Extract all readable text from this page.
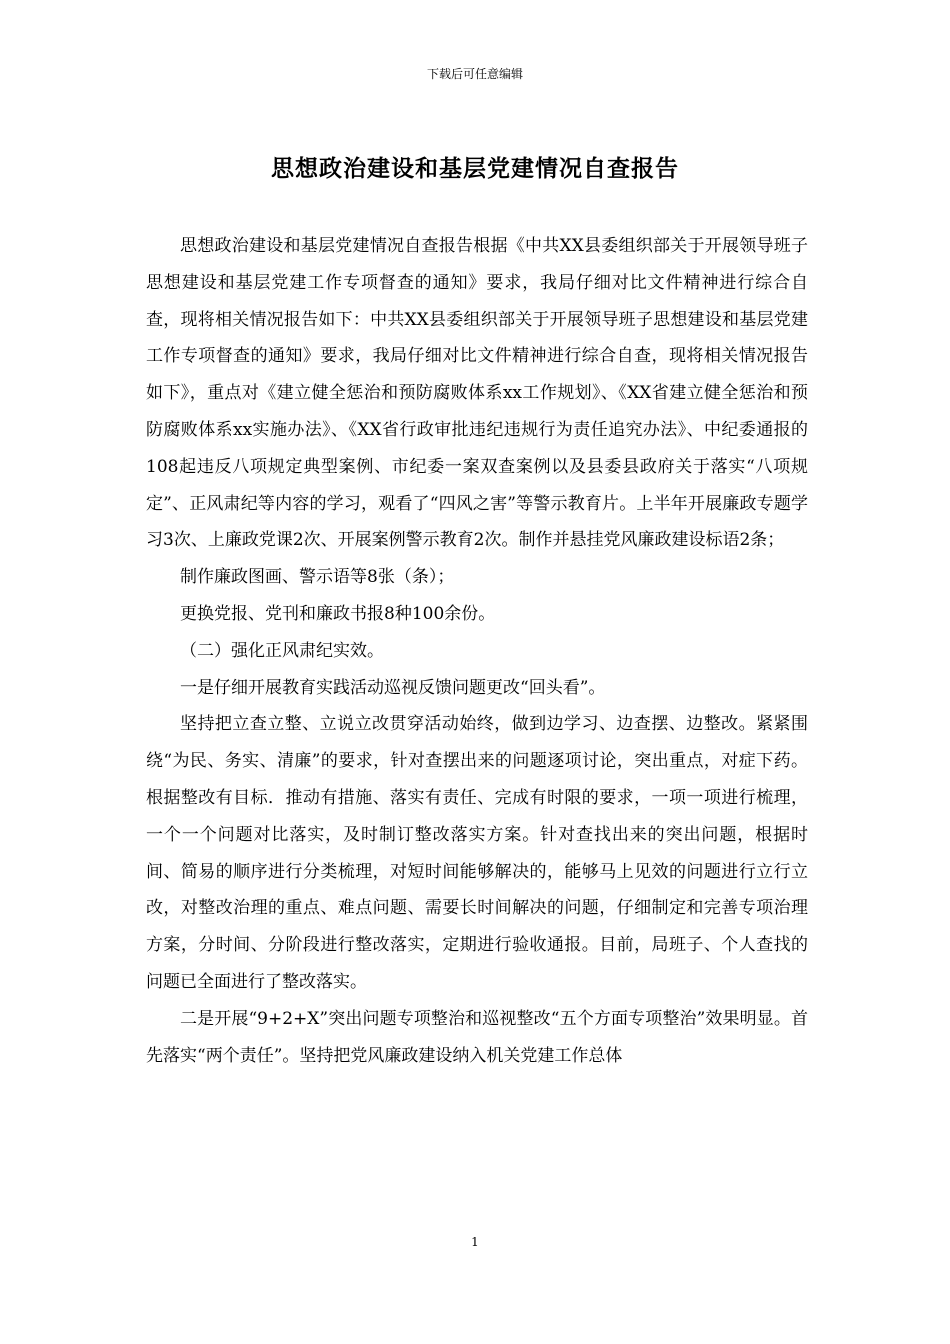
下载后可任意编辑
思想政治建设和基层党建情况自查报告

思想政治建设和基层党建情况自查报告根据《中共XX县委组织部关于开展领导班子思想建设和基层党建工作专项督查的通知》要求，我局仔细对比文件精神进行综合自查，现将相关情况报告如下：中共XX县委组织部关于开展领导班子思想建设和基层党建工作专项督查的通知》要求，我局仔细对比文件精神进行综合自查，现将相关情况报告如下》，重点对《建立健全惩治和预防腐败体系xx工作规划》、《XX省建立健全惩治和预防腐败体系xx实施办法》、《XX省行政审批违纪违规行为责任追究办法》、中纪委通报的108起违反八项规定典型案例、市纪委一案双查案例以及县委县政府关于落实“八项规定”、正风肃纪等内容的学习，观看了“四风之害”等警示教育片。上半年开展廉政专题学习3次、上廉政党课2次、开展案例警示教育2次。制作并悬挂党风廉政建设标语2条；

制作廉政图画、警示语等8张（条）；

更换党报、党刊和廉政书报8种100余份。

（二）强化正风肃纪实效。

一是仔细开展教育实践活动巡视反馈问题更改“回头看”。

坚持把立查立整、立说立改贯穿活动始终，做到边学习、边查摆、边整改。紧紧围绕“为民、务实、清廉”的要求，针对查摆出来的问题逐项讨论，突出重点，对症下药。根据整改有目标．推动有措施、落实有责任、完成有时限的要求，一项一项进行梳理，一个一个问题对比落实，及时制订整改落实方案。针对查找出来的突出问题，根据时间、简易的顺序进行分类梳理，对短时间能够解决的，能够马上见效的问题进行立行立改，对整改治理的重点、难点问题、需要长时间解决的问题，仔细制定和完善专项治理方案，分时间、分阶段进行整改落实，定期进行验收通报。目前，局班子、个人查找的问题已全面进行了整改落实。

二是开展“9+2+X”突出问题专项整治和巡视整改“五个方面专项整治”效果明显。首先落实“两个责任”。坚持把党风廉政建设纳入机关党建工作总体

1
